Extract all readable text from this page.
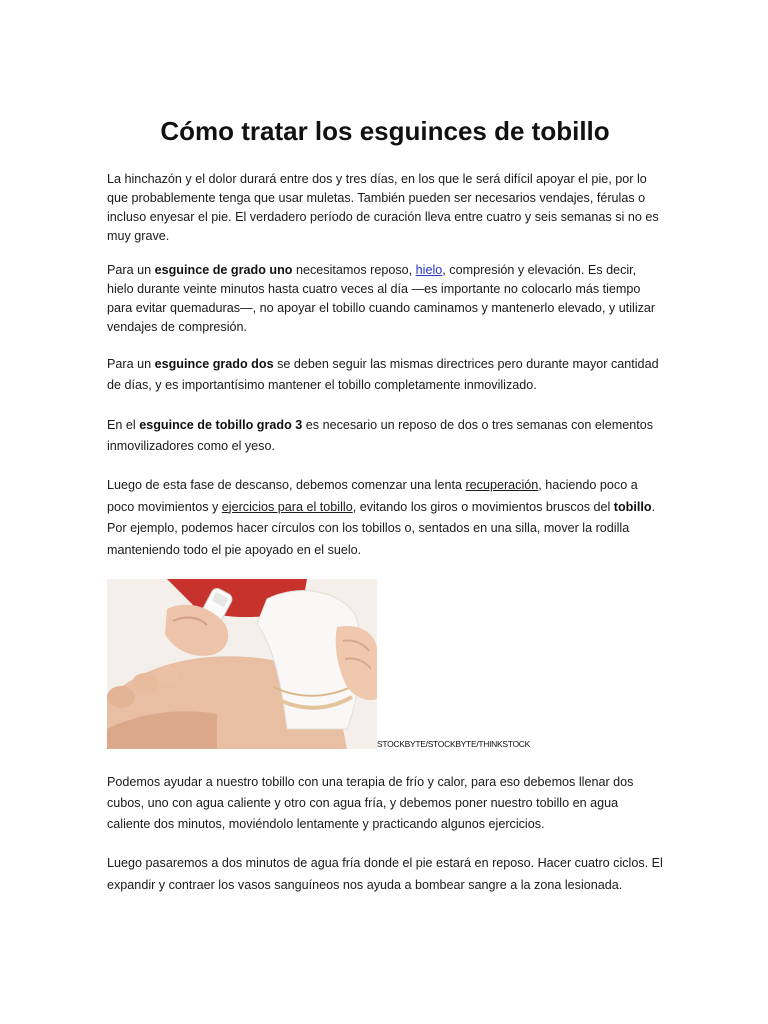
Cómo tratar los esguinces de tobillo

La hinchazón y el dolor durará entre dos y tres días, en los que le será difícil apoyar el pie, por lo
que probablemente tenga que usar muletas. También pueden ser necesarios vendajes, férulas o
incluso enyesar el pie. El verdadero período de curación lleva entre cuatro y seis semanas si no es
muy grave.

Para un esguince de grado uno necesitamos reposo, hielo, compresión y elevación. Es decir,
hielo durante veinte minutos hasta cuatro veces al día —es importante no colocarlo más tiempo
para evitar quemaduras—, no apoyar el tobillo cuando caminamos y mantenerlo elevado, y utilizar
vendajes de compresión.

Para un esguince grado dos se deben seguir las mismas directrices pero durante mayor cantidad
de días, y es importantísimo mantener el tobillo completamente inmovilizado.

En el esguince de tobillo grado 3 es necesario un reposo de dos o tres semanas con elementos
inmovilizadores como el yeso.

Luego de esta fase de descanso, debemos comenzar una lenta recuperación, haciendo poco a
poco movimientos y ejercicios para el tobillo, evitando los giros o movimientos bruscos del tobillo.
Por ejemplo, podemos hacer círculos con los tobillos o, sentados en una silla, mover la rodilla
manteniendo todo el pie apoyado en el suelo.

STOCKBYTE/STOCKBYTE/THINKSTOCK

Podemos ayudar a nuestro tobillo con una terapia de frío y calor, para eso debemos llenar dos
cubos, uno con agua caliente y otro con agua fría, y debemos poner nuestro tobillo en agua
caliente dos minutos, moviéndolo lentamente y practicando algunos ejercicios.

Luego pasaremos a dos minutos de agua fría donde el pie estará en reposo. Hacer cuatro ciclos. El
expandir y contraer los vasos sanguíneos nos ayuda a bombear sangre a la zona lesionada.
